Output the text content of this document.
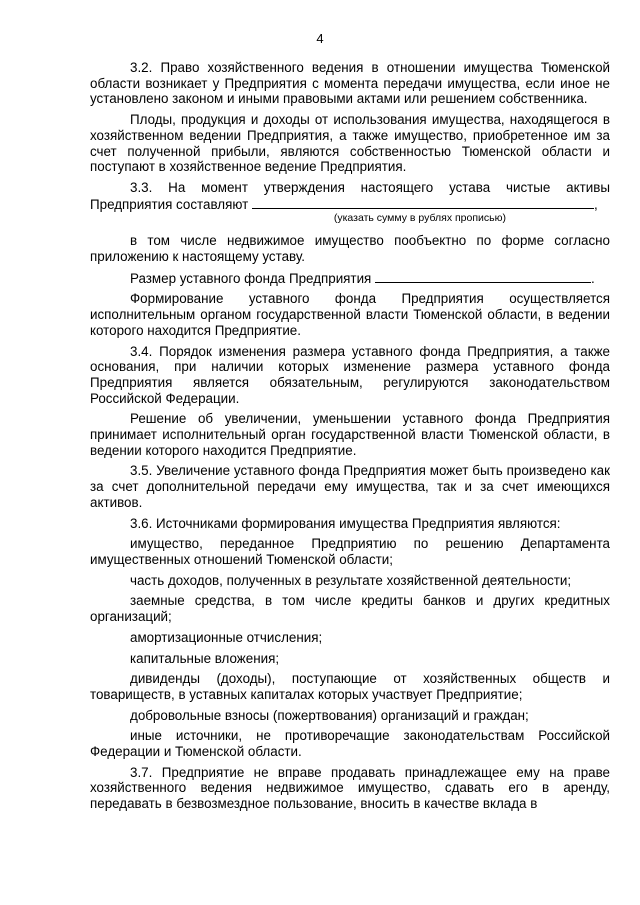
4

3.2. Право хозяйственного ведения в отношении имущества Тюменской области возникает у Предприятия с момента передачи имущества, если иное не установлено законом и иными правовыми актами или решением собственника.

Плоды, продукция и доходы от использования имущества, находящегося в хозяйственном ведении Предприятия, а также имущество, приобретенное им за счет полученной прибыли, являются собственностью Тюменской области и поступают в хозяйственное ведение Предприятия.

3.3. На момент утверждения настоящего устава чистые активы Предприятия составляют	,

(указать сумму в рублях прописью)

в том числе недвижимое имущество пообъектно по форме согласно приложению к настоящему уставу.

Размер уставного фонда Предприятия	.

Формирование уставного фонда Предприятия осуществляется исполнительным органом государственной власти Тюменской области, в ведении которого находится Предприятие.

3.4. Порядок изменения размера уставного фонда Предприятия, а также основания, при наличии которых изменение размера уставного фонда Предприятия является обязательным, регулируются законодательством Российской Федерации.

Решение об увеличении, уменьшении уставного фонда Предприятия принимает исполнительный орган государственной власти Тюменской области, в ведении которого находится Предприятие.

3.5. Увеличение уставного фонда Предприятия может быть произведено как за счет дополнительной передачи ему имущества, так и за счет имеющихся активов.

3.6. Источниками формирования имущества Предприятия являются:

имущество, переданное Предприятию по решению Департамента имущественных отношений Тюменской области;

часть доходов, полученных в результате хозяйственной деятельности;

заемные средства, в том числе кредиты банков и других кредитных организаций;

амортизационные отчисления;

капитальные вложения;

дивиденды (доходы), поступающие от хозяйственных обществ и товариществ, в уставных капиталах которых участвует Предприятие;

добровольные взносы (пожертвования) организаций и граждан;

иные источники, не противоречащие законодательствам Российской Федерации и Тюменской области.

3.7. Предприятие не вправе продавать принадлежащее ему на праве хозяйственного ведения недвижимое имущество, сдавать его в аренду, передавать в безвозмездное пользование, вносить в качестве вклада в
